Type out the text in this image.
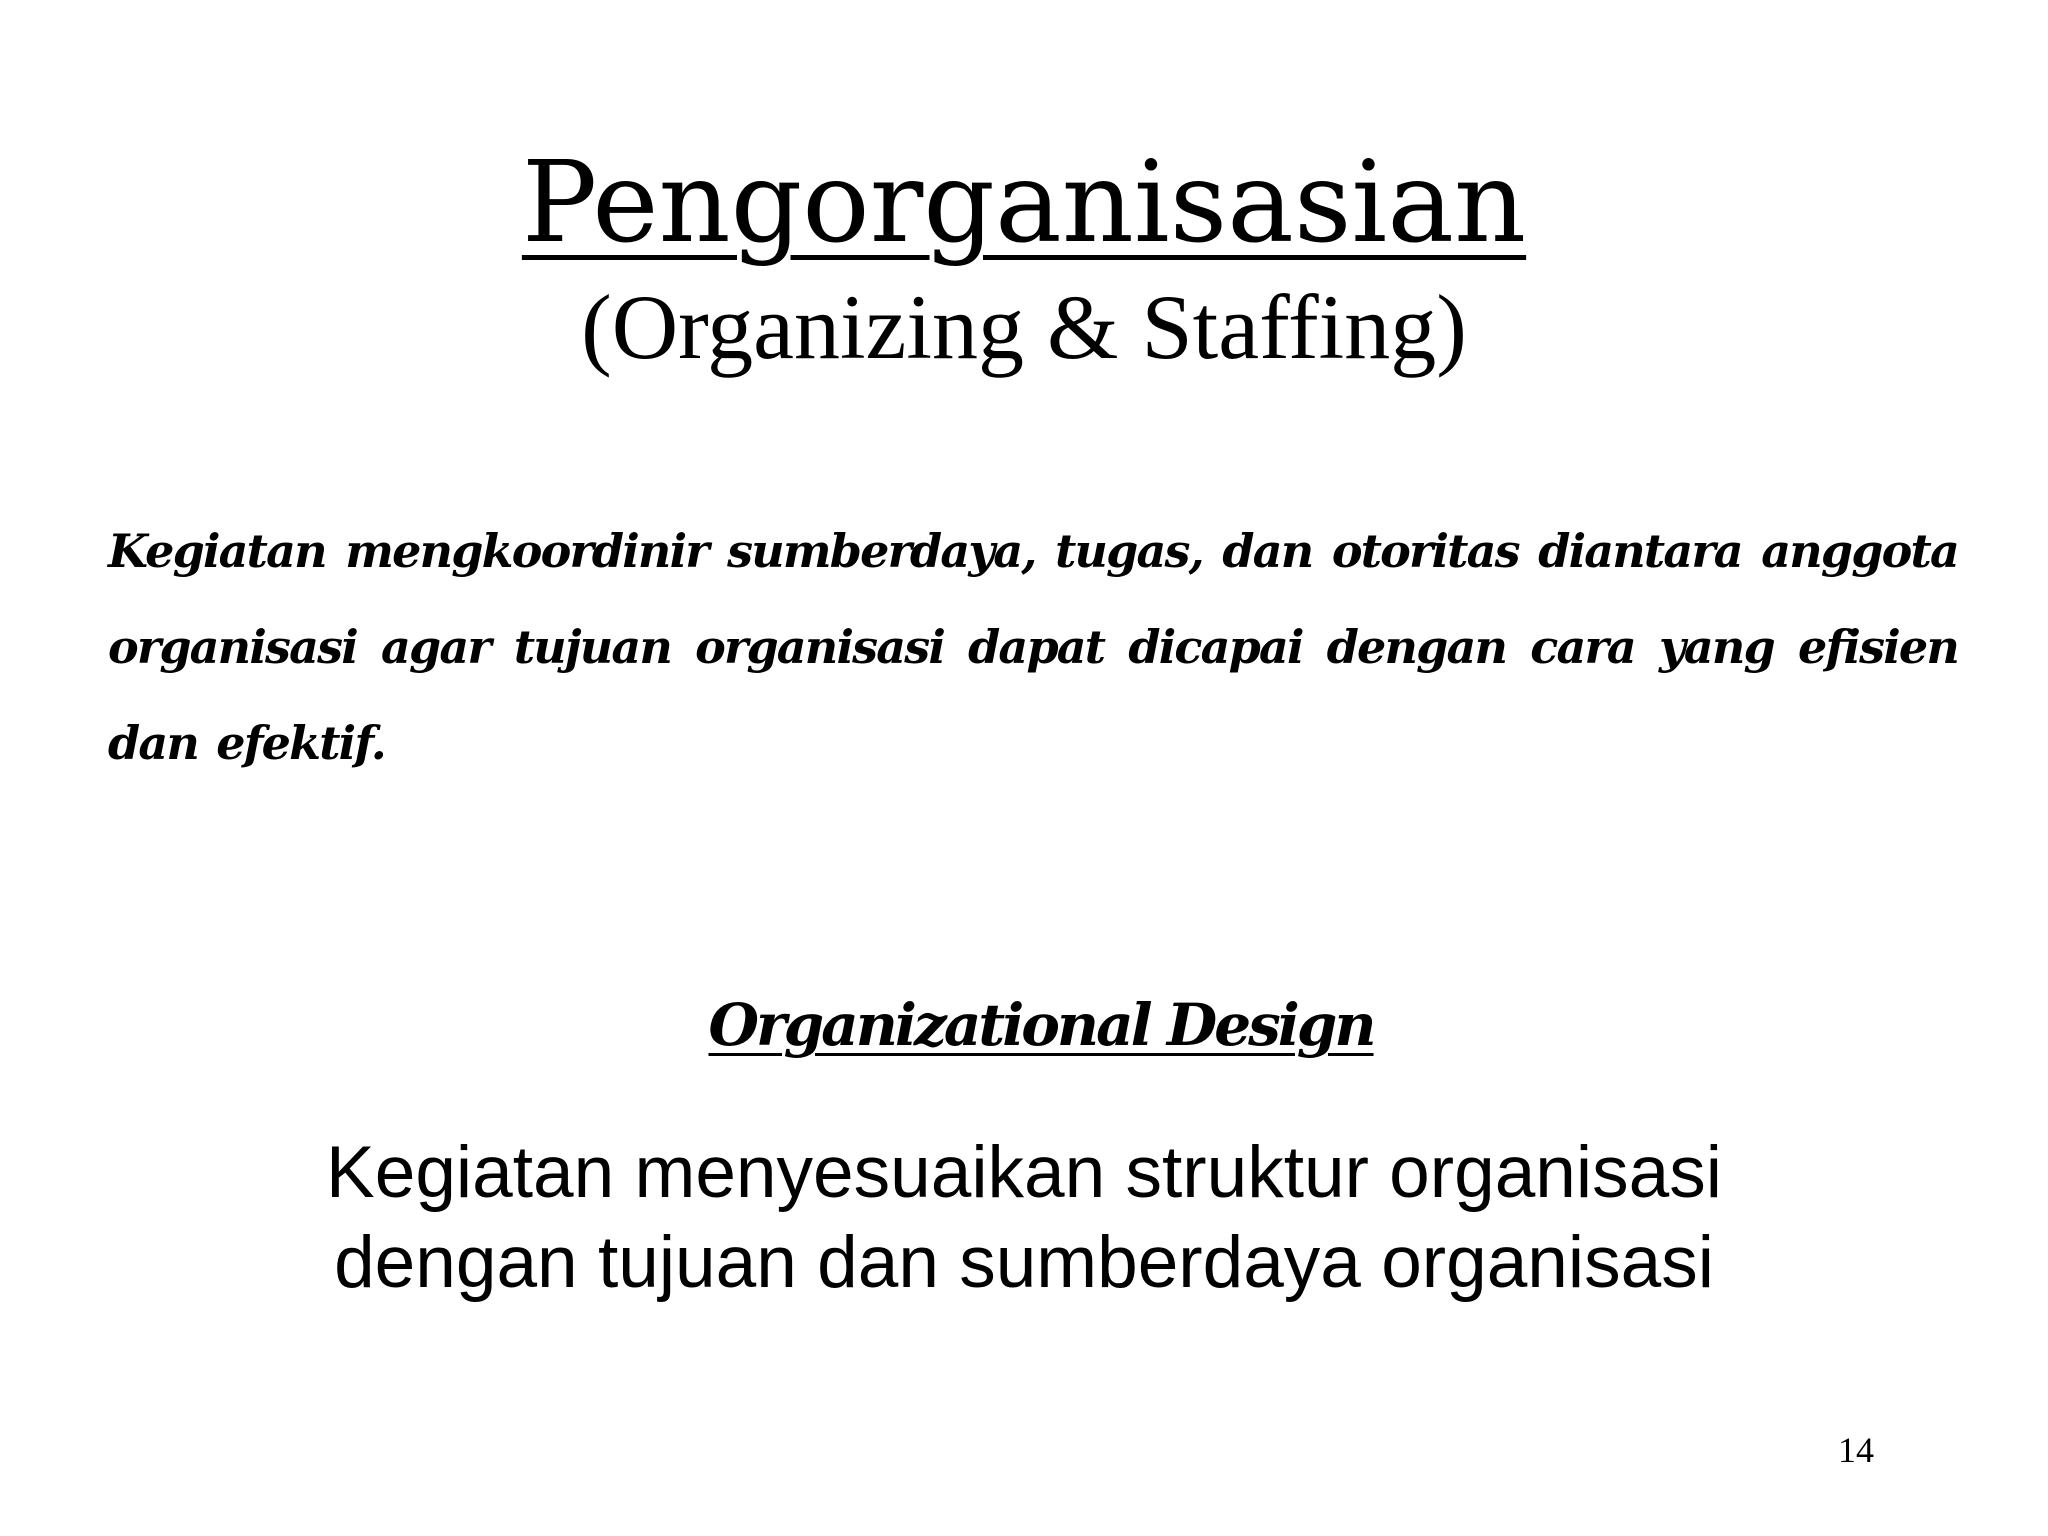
Pengorganisasian
(Organizing & Staffing)

Kegiatan mengkoordinir sumberdaya, tugas, dan otoritas diantara anggota organisasi agar tujuan organisasi dapat dicapai dengan cara yang efisien dan efektif.

Organizational Design
Kegiatan menyesuaikan struktur organisasi
dengan tujuan dan sumberdaya organisasi
14
